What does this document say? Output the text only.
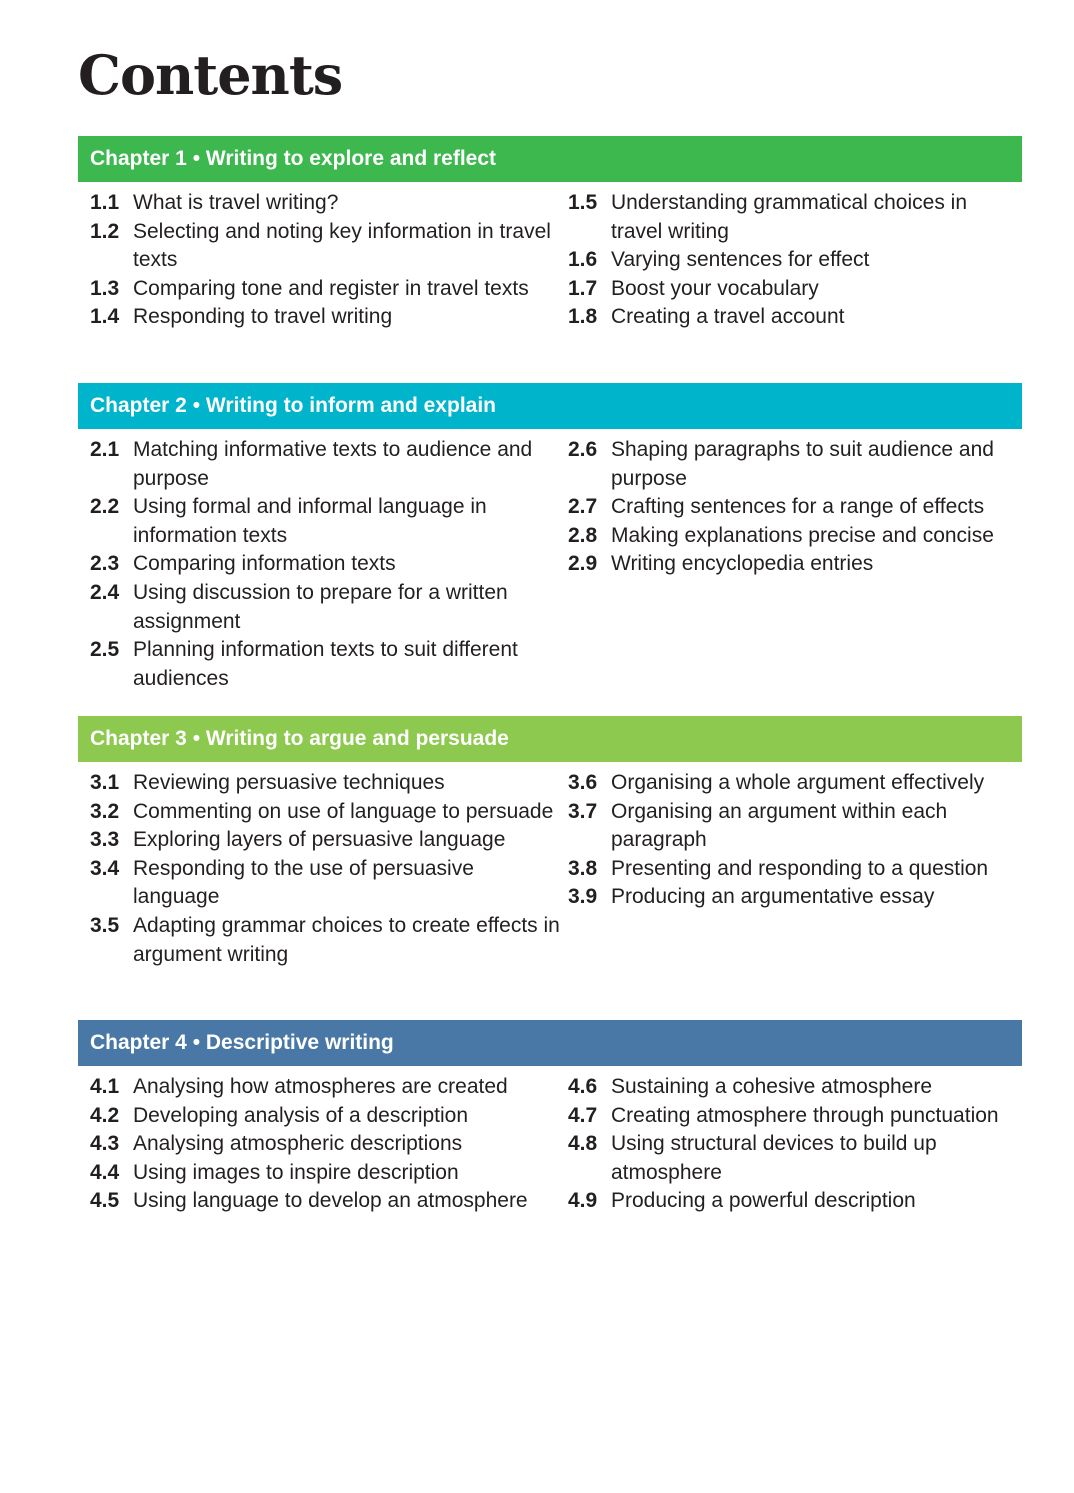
Contents
Chapter 1 • Writing to explore and reflect
1.1 What is travel writing?
1.2 Selecting and noting key information in travel texts
1.3 Comparing tone and register in travel texts
1.4 Responding to travel writing
1.5 Understanding grammatical choices in travel writing
1.6 Varying sentences for effect
1.7 Boost your vocabulary
1.8 Creating a travel account
Chapter 2 • Writing to inform and explain
2.1 Matching informative texts to audience and purpose
2.2 Using formal and informal language in information texts
2.3 Comparing information texts
2.4 Using discussion to prepare for a written assignment
2.5 Planning information texts to suit different audiences
2.6 Shaping paragraphs to suit audience and purpose
2.7 Crafting sentences for a range of effects
2.8 Making explanations precise and concise
2.9 Writing encyclopedia entries
Chapter 3 • Writing to argue and persuade
3.1 Reviewing persuasive techniques
3.2 Commenting on use of language to persuade
3.3 Exploring layers of persuasive language
3.4 Responding to the use of persuasive language
3.5 Adapting grammar choices to create effects in argument writing
3.6 Organising a whole argument effectively
3.7 Organising an argument within each paragraph
3.8 Presenting and responding to a question
3.9 Producing an argumentative essay
Chapter 4 • Descriptive writing
4.1 Analysing how atmospheres are created
4.2 Developing analysis of a description
4.3 Analysing atmospheric descriptions
4.4 Using images to inspire description
4.5 Using language to develop an atmosphere
4.6 Sustaining a cohesive atmosphere
4.7 Creating atmosphere through punctuation
4.8 Using structural devices to build up atmosphere
4.9 Producing a powerful description
